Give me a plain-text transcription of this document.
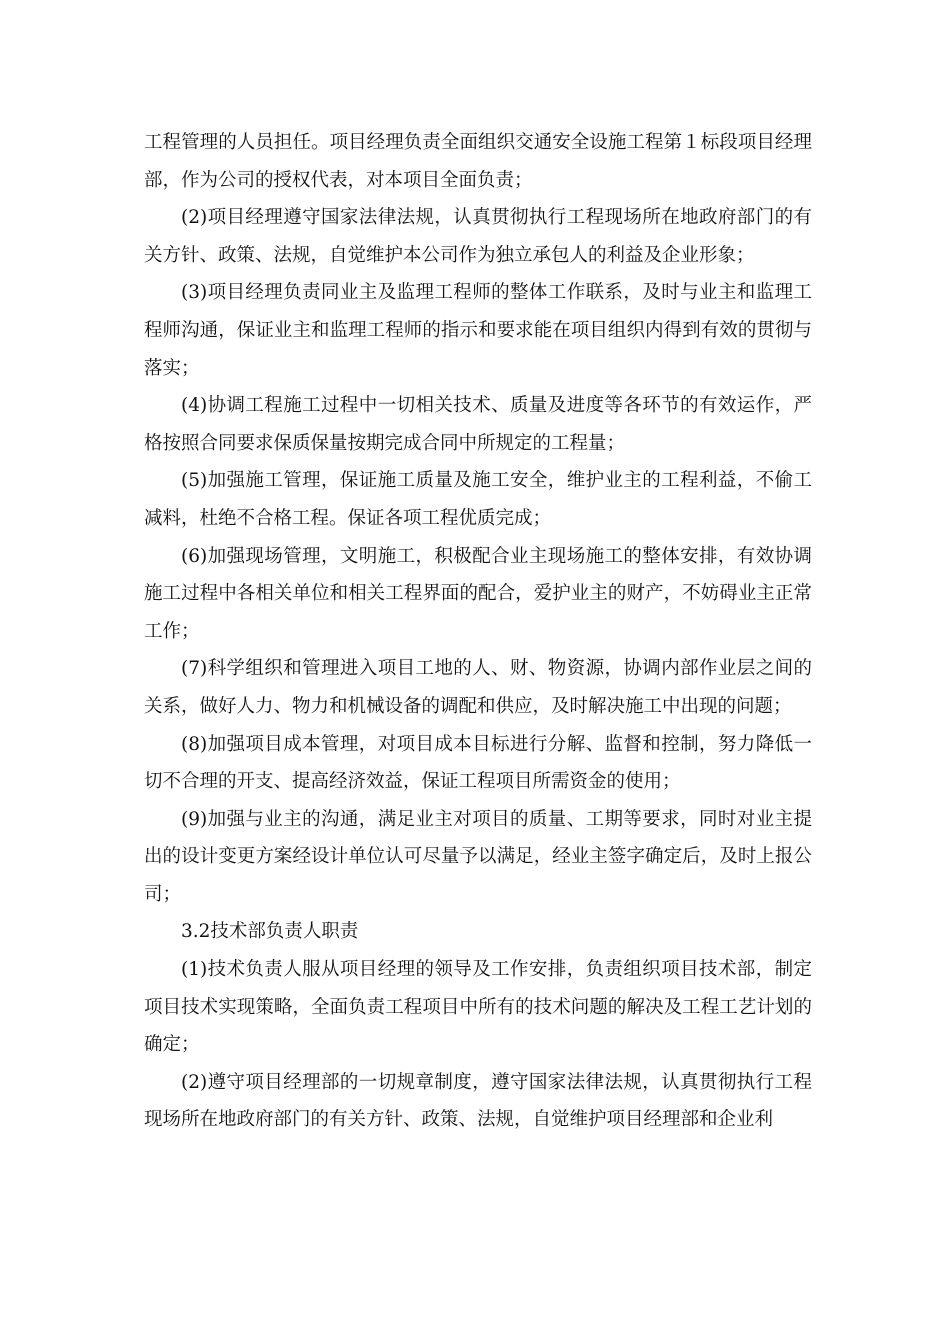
工程管理的人员担任。项目经理负责全面组织交通安全设施工程第１标段项目经理部，作为公司的授权代表，对本项目全面负责；

(2)项目经理遵守国家法律法规，认真贯彻执行工程现场所在地政府部门的有关方针、政策、法规，自觉维护本公司作为独立承包人的利益及企业形象；

(3)项目经理负责同业主及监理工程师的整体工作联系，及时与业主和监理工程师沟通，保证业主和监理工程师的指示和要求能在项目组织内得到有效的贯彻与落实；

(4)协调工程施工过程中一切相关技术、质量及进度等各环节的有效运作，严格按照合同要求保质保量按期完成合同中所规定的工程量；

(5)加强施工管理，保证施工质量及施工安全，维护业主的工程利益，不偷工减料，杜绝不合格工程。保证各项工程优质完成；

(6)加强现场管理，文明施工，积极配合业主现场施工的整体安排，有效协调施工过程中各相关单位和相关工程界面的配合，爱护业主的财产，不妨碍业主正常工作；

(7)科学组织和管理进入项目工地的人、财、物资源，协调内部作业层之间的关系，做好人力、物力和机械设备的调配和供应，及时解决施工中出现的问题；

(8)加强项目成本管理，对项目成本目标进行分解、监督和控制，努力降低一切不合理的开支、提高经济效益，保证工程项目所需资金的使用；

(9)加强与业主的沟通，满足业主对项目的质量、工期等要求，同时对业主提出的设计变更方案经设计单位认可尽量予以满足，经业主签字确定后，及时上报公司；

3.2技术部负责人职责

(1)技术负责人服从项目经理的领导及工作安排，负责组织项目技术部，制定项目技术实现策略，全面负责工程项目中所有的技术问题的解决及工程工艺计划的确定；

(2)遵守项目经理部的一切规章制度，遵守国家法律法规，认真贯彻执行工程现场所在地政府部门的有关方针、政策、法规，自觉维护项目经理部和企业利
